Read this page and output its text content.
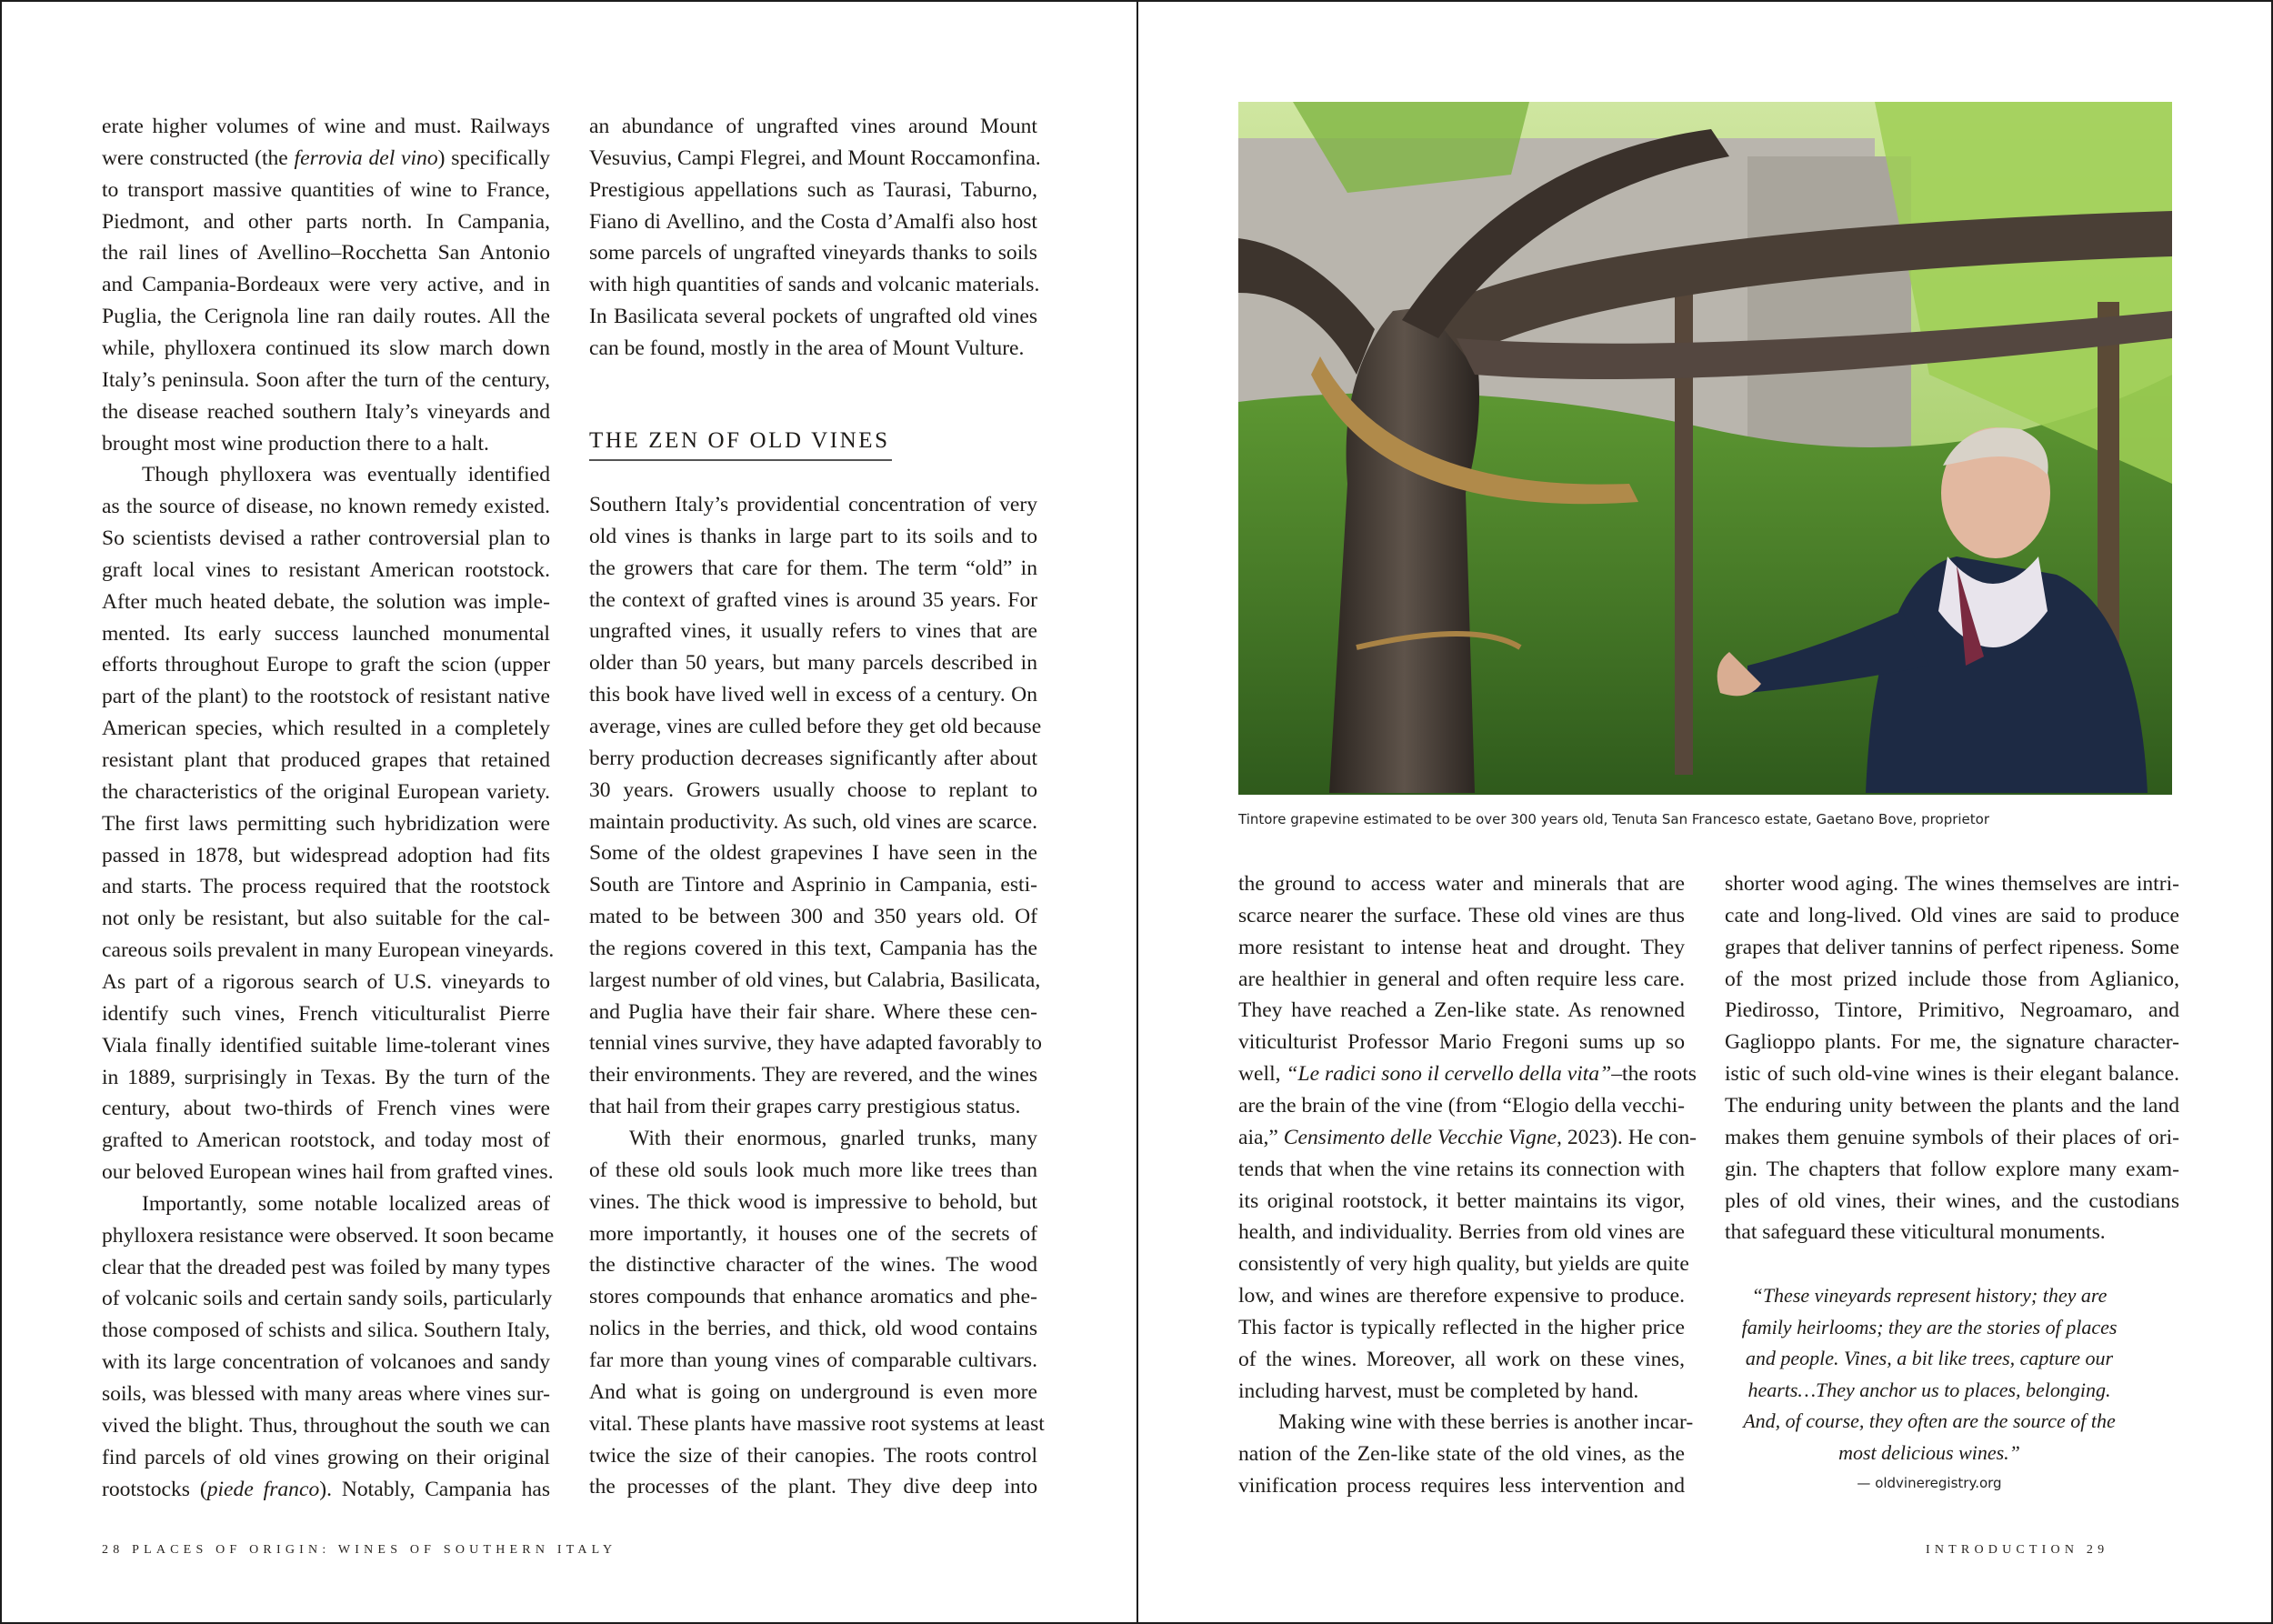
erate higher volumes of wine and must. Railways
were constructed (the ferrovia del vino) specifically
to transport massive quantities of wine to France,
Piedmont, and other parts north. In Campania,
the rail lines of Avellino–Rocchetta San Antonio
and Campania-Bordeaux were very active, and in
Puglia, the Cerignola line ran daily routes. All the
while, phylloxera continued its slow march down
Italy’s peninsula. Soon after the turn of the century,
the disease reached southern Italy’s vineyards and
brought most wine production there to a halt.
Though phylloxera was eventually identified
as the source of disease, no known remedy existed.
So scientists devised a rather controversial plan to
graft local vines to resistant American rootstock.
After much heated debate, the solution was imple-
mented. Its early success launched monumental
efforts throughout Europe to graft the scion (upper
part of the plant) to the rootstock of resistant native
American species, which resulted in a completely
resistant plant that produced grapes that retained
the characteristics of the original European variety.
The first laws permitting such hybridization were
passed in 1878, but widespread adoption had fits
and starts. The process required that the rootstock
not only be resistant, but also suitable for the cal-
careous soils prevalent in many European vineyards.
As part of a rigorous search of U.S. vineyards to
identify such vines, French viticulturalist Pierre
Viala finally identified suitable lime-tolerant vines
in 1889, surprisingly in Texas. By the turn of the
century, about two-thirds of French vines were
grafted to American rootstock, and today most of
our beloved European wines hail from grafted vines.
Importantly, some notable localized areas of
phylloxera resistance were observed. It soon became
clear that the dreaded pest was foiled by many types
of volcanic soils and certain sandy soils, particularly
those composed of schists and silica. Southern Italy,
with its large concentration of volcanoes and sandy
soils, was blessed with many areas where vines sur-
vived the blight. Thus, throughout the south we can
find parcels of old vines growing on their original
rootstocks (piede franco). Notably, Campania has
an abundance of ungrafted vines around Mount
Vesuvius, Campi Flegrei, and Mount Roccamonfina.
Prestigious appellations such as Taurasi, Taburno,
Fiano di Avellino, and the Costa d’Amalfi also host
some parcels of ungrafted vineyards thanks to soils
with high quantities of sands and volcanic materials.
In Basilicata several pockets of ungrafted old vines
can be found, mostly in the area of Mount Vulture.
THE ZEN OF OLD VINES
Southern Italy’s providential concentration of very
old vines is thanks in large part to its soils and to
the growers that care for them. The term “old” in
the context of grafted vines is around 35 years. For
ungrafted vines, it usually refers to vines that are
older than 50 years, but many parcels described in
this book have lived well in excess of a century. On
average, vines are culled before they get old because
berry production decreases significantly after about
30 years. Growers usually choose to replant to
maintain productivity. As such, old vines are scarce.
Some of the oldest grapevines I have seen in the
South are Tintore and Asprinio in Campania, esti-
mated to be between 300 and 350 years old. Of
the regions covered in this text, Campania has the
largest number of old vines, but Calabria, Basilicata,
and Puglia have their fair share. Where these cen-
tennial vines survive, they have adapted favorably to
their environments. They are revered, and the wines
that hail from their grapes carry prestigious status.
With their enormous, gnarled trunks, many
of these old souls look much more like trees than
vines. The thick wood is impressive to behold, but
more importantly, it houses one of the secrets of
the distinctive character of the wines. The wood
stores compounds that enhance aromatics and phe-
nolics in the berries, and thick, old wood contains
far more than young vines of comparable cultivars.
And what is going on underground is even more
vital. These plants have massive root systems at least
twice the size of their canopies. The roots control
the processes of the plant. They dive deep into
28 PLACES OF ORIGIN: WINES OF SOUTHERN ITALY
Tintore grapevine estimated to be over 300 years old, Tenuta San Francesco estate, Gaetano Bove, proprietor
the ground to access water and minerals that are
scarce nearer the surface. These old vines are thus
more resistant to intense heat and drought. They
are healthier in general and often require less care.
They have reached a Zen-like state. As renowned
viticulturist Professor Mario Fregoni sums up so
well, “Le radici sono il cervello della vita”–the roots
are the brain of the vine (from “Elogio della vecchi-
aia,” Censimento delle Vecchie Vigne, 2023). He con-
tends that when the vine retains its connection with
its original rootstock, it better maintains its vigor,
health, and individuality. Berries from old vines are
consistently of very high quality, but yields are quite
low, and wines are therefore expensive to produce.
This factor is typically reflected in the higher price
of the wines. Moreover, all work on these vines,
including harvest, must be completed by hand.
Making wine with these berries is another incar-
nation of the Zen-like state of the old vines, as the
vinification process requires less intervention and
shorter wood aging. The wines themselves are intri-
cate and long-lived. Old vines are said to produce
grapes that deliver tannins of perfect ripeness. Some
of the most prized include those from Aglianico,
Piedirosso, Tintore, Primitivo, Negroamaro, and
Gaglioppo plants. For me, the signature character-
istic of such old-vine wines is their elegant balance.
The enduring unity between the plants and the land
makes them genuine symbols of their places of ori-
gin. The chapters that follow explore many exam-
ples of old vines, their wines, and the custodians
that safeguard these viticultural monuments.
— oldvineregistry.org
“These vineyards represent history; they are
family heirlooms; they are the stories of places
and people. Vines, a bit like trees, capture our
hearts…They anchor us to places, belonging.
And, of course, they often are the source of the
most delicious wines.”
INTRODUCTION 29
